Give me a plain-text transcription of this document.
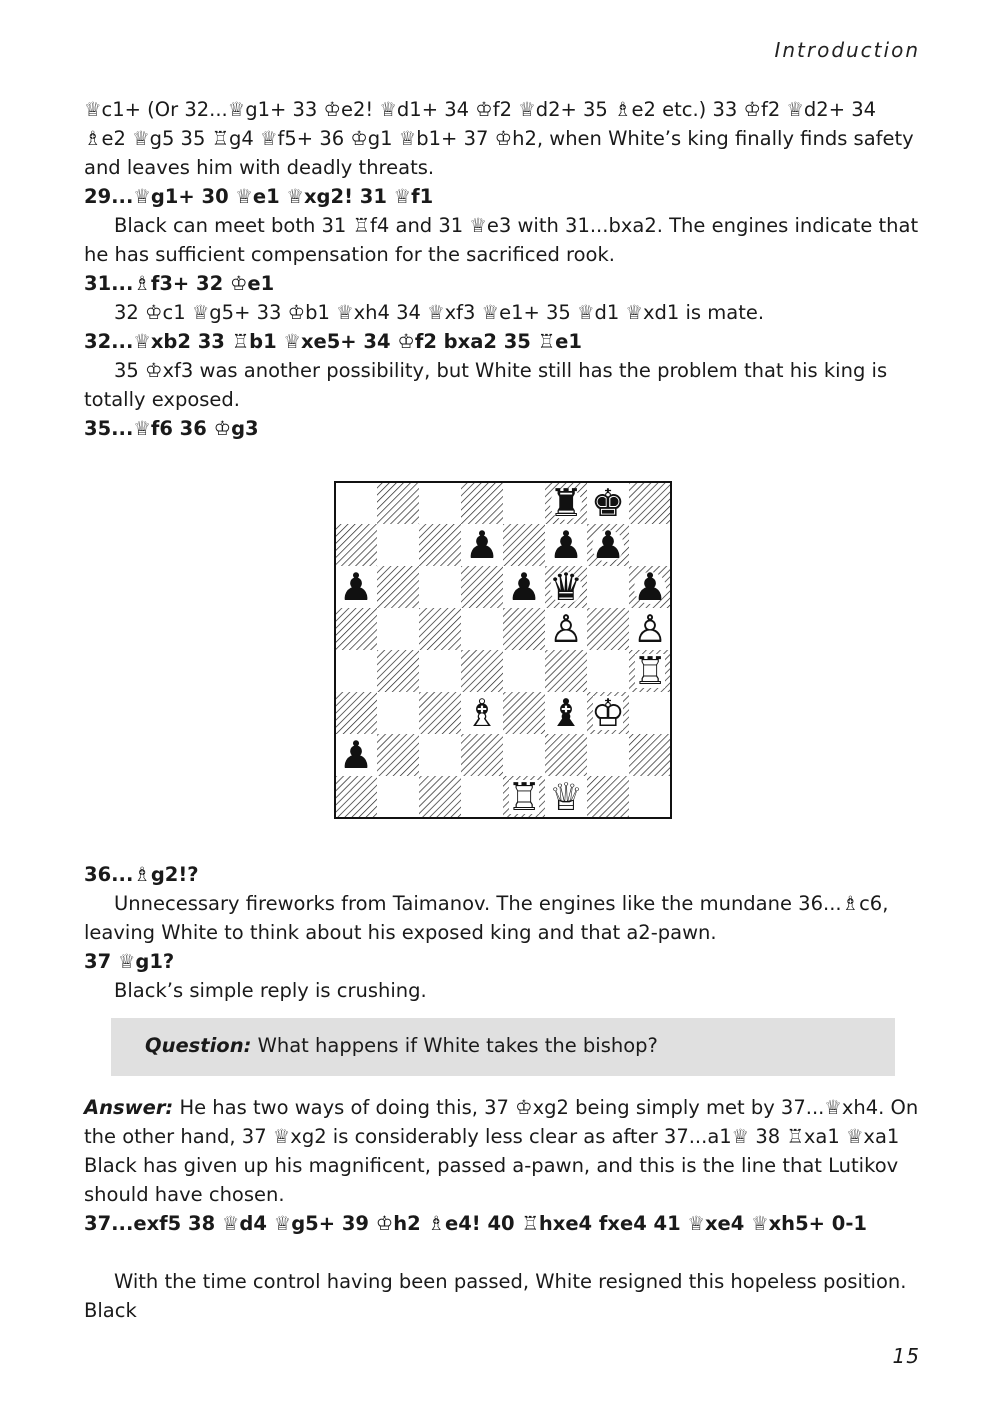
Introduction

♕c1+ (Or 32...♕g1+ 33 ♔e2! ♕d1+ 34 ♔f2 ♕d2+ 35 ♗e2 etc.) 33 ♔f2 ♕d2+ 34 ♗e2 ♕g5 35 ♖g4 ♕f5+ 36 ♔g1 ♕b1+ 37 ♔h2, when White’s king finally finds safety and leaves him with deadly threats.

29...♕g1+ 30 ♕e1 ♕xg2! 31 ♕f1

Black can meet both 31 ♖f4 and 31 ♕e3 with 31...bxa2. The engines indicate that he has sufficient compensation for the sacrificed rook.

31...♗f3+ 32 ♔e1

32 ♔c1 ♕g5+ 33 ♔b1 ♕xh4 34 ♕xf3 ♕e1+ 35 ♕d1 ♕xd1 is mate.

32...♕xb2 33 ♖b1 ♕xe5+ 34 ♔f2 bxa2 35 ♖e1

35 ♔xf3 was another possibility, but White still has the problem that his king is totally exposed.

35...♕f6 36 ♔g3

♜ ♚
♟ ♟ ♟
♟	♟ ♛ ♟
♙ ♙
♖
♗ ♝ ♔
♟
♖ ♕

36...♗g2!?

Unnecessary fireworks from Taimanov. The engines like the mundane 36...♗c6, leaving White to think about his exposed king and that a2-pawn.

37 ♕g1?

Black’s simple reply is crushing.

Question: What happens if White takes the bishop?

Answer: He has two ways of doing this, 37 ♔xg2 being simply met by 37...♕xh4. On the other hand, 37 ♕xg2 is considerably less clear as after 37...a1♕ 38 ♖xa1 ♕xa1 Black has given up his magnificent, passed a-pawn, and this is the line that Lutikov should have chosen.

37...exf5 38 ♕d4 ♕g5+ 39 ♔h2 ♗e4! 40 ♖hxe4 fxe4 41 ♕xe4 ♕xh5+ 0-1

With the time control having been passed, White resigned this hopeless position. Black

15
